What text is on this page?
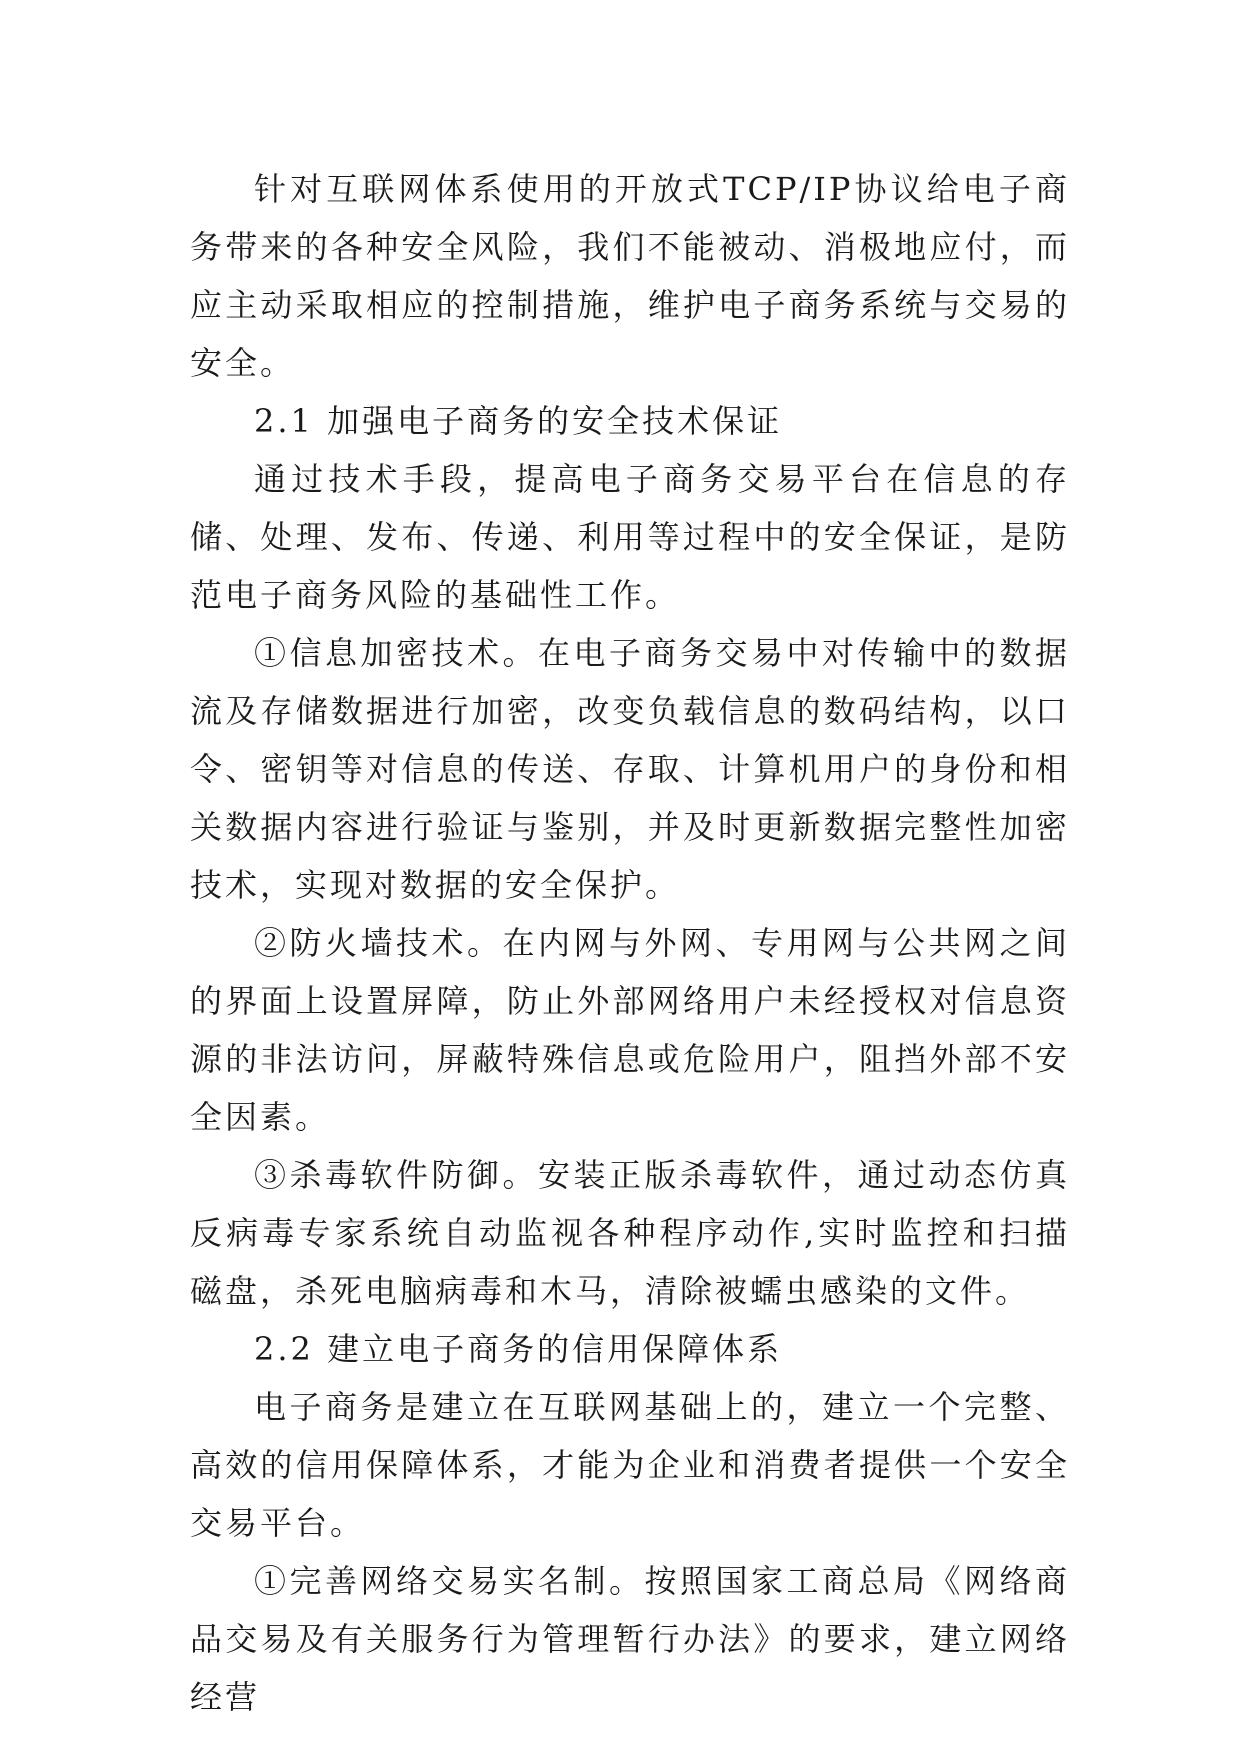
针对互联网体系使用的开放式TCP/IP协议给电子商务带来的各种安全风险，我们不能被动、消极地应付，而应主动采取相应的控制措施，维护电子商务系统与交易的安全。

2.1 加强电子商务的安全技术保证

通过技术手段，提高电子商务交易平台在信息的存储、处理、发布、传递、利用等过程中的安全保证，是防范电子商务风险的基础性工作。

①信息加密技术。在电子商务交易中对传输中的数据流及存储数据进行加密，改变负载信息的数码结构，以口令、密钥等对信息的传送、存取、计算机用户的身份和相关数据内容进行验证与鉴别，并及时更新数据完整性加密技术，实现对数据的安全保护。

②防火墙技术。在内网与外网、专用网与公共网之间的界面上设置屏障，防止外部网络用户未经授权对信息资源的非法访问，屏蔽特殊信息或危险用户，阻挡外部不安全因素。

③杀毒软件防御。安装正版杀毒软件，通过动态仿真反病毒专家系统自动监视各种程序动作,实时监控和扫描磁盘，杀死电脑病毒和木马，清除被蠕虫感染的文件。

2.2 建立电子商务的信用保障体系

电子商务是建立在互联网基础上的，建立一个完整、高效的信用保障体系，才能为企业和消费者提供一个安全交易平台。

①完善网络交易实名制。按照国家工商总局《网络商品交易及有关服务行为管理暂行办法》的要求，建立网络经营
